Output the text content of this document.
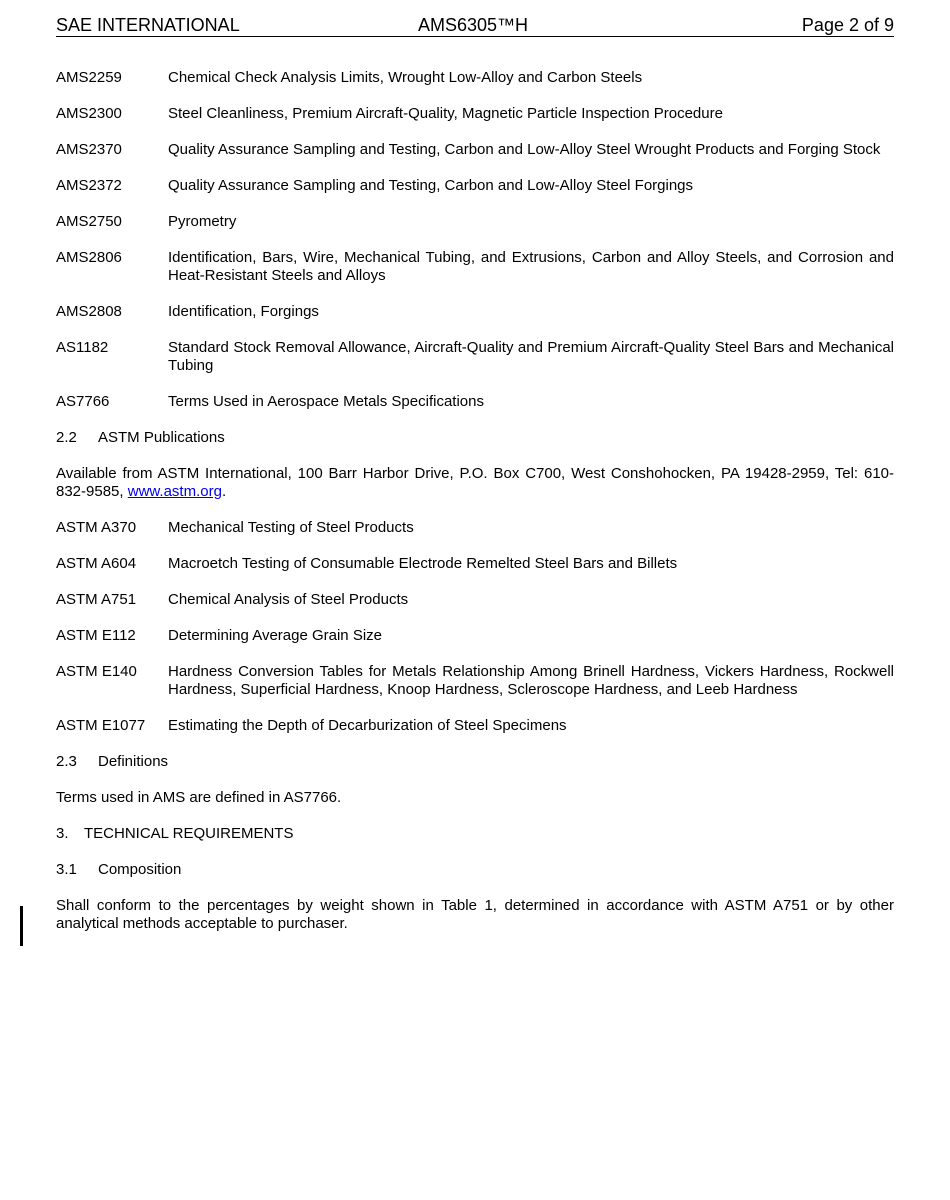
SAE INTERNATIONAL	AMS6305™H	Page 2 of 9
AMS2259	Chemical Check Analysis Limits, Wrought Low-Alloy and Carbon Steels
AMS2300	Steel Cleanliness, Premium Aircraft-Quality, Magnetic Particle Inspection Procedure
AMS2370	Quality Assurance Sampling and Testing, Carbon and Low-Alloy Steel Wrought Products and Forging Stock
AMS2372	Quality Assurance Sampling and Testing, Carbon and Low-Alloy Steel Forgings
AMS2750	Pyrometry
AMS2806	Identification, Bars, Wire, Mechanical Tubing, and Extrusions, Carbon and Alloy Steels, and Corrosion and Heat-Resistant Steels and Alloys
AMS2808	Identification, Forgings
AS1182	Standard Stock Removal Allowance, Aircraft-Quality and Premium Aircraft-Quality Steel Bars and Mechanical Tubing
AS7766	Terms Used in Aerospace Metals Specifications
2.2 ASTM Publications
Available from ASTM International, 100 Barr Harbor Drive, P.O. Box C700, West Conshohocken, PA 19428-2959, Tel: 610-832-9585, www.astm.org.
ASTM A370	Mechanical Testing of Steel Products
ASTM A604	Macroetch Testing of Consumable Electrode Remelted Steel Bars and Billets
ASTM A751	Chemical Analysis of Steel Products
ASTM E112	Determining Average Grain Size
ASTM E140	Hardness Conversion Tables for Metals Relationship Among Brinell Hardness, Vickers Hardness, Rockwell Hardness, Superficial Hardness, Knoop Hardness, Scleroscope Hardness, and Leeb Hardness
ASTM E1077	Estimating the Depth of Decarburization of Steel Specimens
2.3 Definitions
Terms used in AMS are defined in AS7766.
3. TECHNICAL REQUIREMENTS
3.1 Composition
Shall conform to the percentages by weight shown in Table 1, determined in accordance with ASTM A751 or by other analytical methods acceptable to purchaser.
